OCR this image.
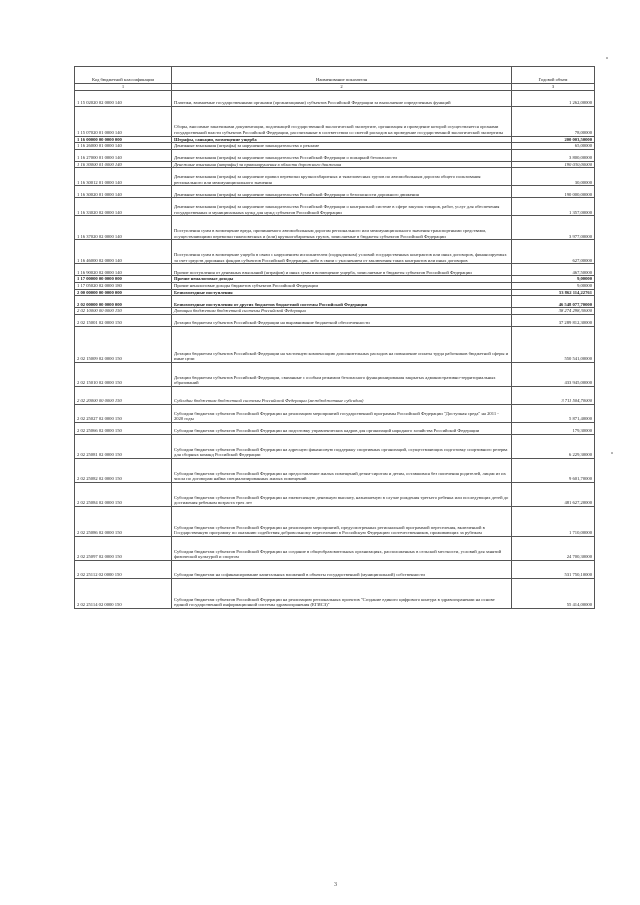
Код бюджетной классификации	Наименование показателя	Годовой объем
1	2	3
1 15 02020 02 0000 140	Платежи, взимаемые государственными органами (организациями) субъектов Российской Федерации за выполнение определенных функций	1 262,00000
1 15 07020 01 0000 140	Сборы, вносимые заказчиками документации, подлежащей государственной экологической экспертизе, организация и проведение которой осуществляется органами государственной власти субъектов Российской Федерации, рассчитанные в соответствии со сметой расходов на проведение государственной экологической экспертизы	78,00000
1 16 00000 00 0000 000	Штрафы, санкции, возмещение ущерба	200 003,50000
1 16 26000 01 0000 140	Денежные взыскания (штрафы) за нарушение законодательства о рекламе	65,00000
1 16 27000 01 0000 140	Денежные взыскания (штрафы) за нарушение законодательства Российской Федерации о пожарной безопасности	3 800,00000
1 16 30000 01 0000 140	Денежные взыскания (штрафы) за правонарушения в области дорожного движения	190 030,00000
1 16 30012 01 0000 140	Денежные взыскания (штрафы) за нарушение правил перевозки крупногабаритных и тяжеловесных грузов по автомобильным дорогам общего пользования регионального или межмуниципального значения	30,00000
1 16 30020 01 0000 140	Денежные взыскания (штрафы) за нарушение законодательства Российской Федерации о безопасности дорожного движения	190 000,00000
1 16 33020 02 0000 140	Денежные взыскания (штрафы) за нарушение законодательства Российской Федерации о контрактной системе в сфере закупок товаров, работ, услуг для обеспечения государственных и муниципальных нужд для нужд субъектов Российской Федерации	1 357,00000
1 16 37020 02 0000 140	Поступления сумм в возмещение вреда, причиняемого автомобильным дорогам регионального или межмуниципального значения транспортными средствами, осуществляющими перевозки тяжеловесных и (или) крупногабаритных грузов, зачисляемые в бюджеты субъектов Российской Федерации	3 977,00000
1 16 46000 02 0000 140	Поступления сумм в возмещение ущерба в связи с нарушением исполнителем (подрядчиком) условий государственных контрактов или иных договоров, финансируемых за счет средств дорожных фондов субъектов Российской Федерации, либо в связи с уклонением от заключения таких контрактов или иных договоров	627,00000
1 16 90020 02 0000 140	Прочие поступления от денежных взысканий (штрафов) и иных сумм в возмещение ущерба, зачисляемые в бюджеты субъектов Российской Федерации	467,50000
1 17 00000 00 0000 000	Прочие неналоговые доходы	9,00000
1 17 05020 02 0000 180	Прочие неналоговые доходы бюджетов субъектов Российской Федерации	9,00000
2 00 00000 00 0000 000	Безвозмездные поступления	53 862 114,22761
2 02 00000 00 0000 000	Безвозмездные поступления от других бюджетов бюджетной системы Российской Федерации	46 548 077,70000
2 02 10000 00 0000 150	Дотации бюджетам бюджетной системы Российской Федерации	38 274 298,30000
2 02 15001 02 0000 150	Дотации бюджетам субъектов Российской Федерации на выравнивание бюджетной обеспеченности	37 289 812,30000
2 02 15009 02 0000 150	Дотации бюджетам субъектов Российской Федерации на частичную компенсацию дополнительных расходов на повышение оплаты труда работников бюджетной сферы и иные цели	550 541,00000
2 02 15010 02 0000 150	Дотации бюджетам субъектов Российской Федерации, связанные с особым режимом безопасного функционирования закрытых административно-территориальных образований	433 945,00000
2 02 20000 00 0000 150	Субсидии бюджетам бюджетной системы Российской Федерации (межбюджетные субсидии)	3 711 504,70000
2 02 25027 02 0000 150	Субсидии бюджетам субъектов Российской Федерации на реализацию мероприятий государственной программы Российской Федерации "Доступная среда" на 2011 - 2020 годы	5 871,40000
2 02 25066 02 0000 150	Субсидии бюджетам субъектов Российской Федерации на подготовку управленческих кадров для организаций народного хозяйства Российской Федерации	179,30000
2 02 25081 02 0000 150	Субсидии бюджетам субъектов Российской Федерации на адресную финансовую поддержку спортивных организаций, осуществляющих подготовку спортивного резерва для сборных команд Российской Федерации	6 229,30000
2 02 25082 02 0000 150	Субсидии бюджетам субъектов Российской Федерации на предоставление жилых помещений детям-сиротам и детям, оставшимся без попечения родителей, лицам из их числа по договорам найма специализированных жилых помещений	9 601,70000
2 02 25084 02 0000 150	Субсидии бюджетам субъектов Российской Федерации на ежемесячную денежную выплату, назначаемую в случае рождения третьего ребенка или последующих детей до достижения ребенком возраста трех лет	481 627,20000
2 02 25086 02 0000 150	Субсидии бюджетам субъектов Российской Федерации на реализацию мероприятий, предусмотренных региональной программой переселения, включенной в Государственную программу по оказанию содействия добровольному переселению в Российскую Федерацию соотечественников, проживающих за рубежом	1 710,00000
2 02 25097 02 0000 150	Субсидии бюджетам субъектов Российской Федерации на создание в общеобразовательных организациях, расположенных в сельской местности, условий для занятий физической культурой и спортом	24 700,30000
2 02 25112 02 0000 150	Субсидии бюджетам на софинансирование капитальных вложений в объекты государственной (муниципальной) собственности	531 750,10000
2 02 25114 02 0000 150	Субсидии бюджетам субъектов Российской Федерации на реализацию региональных проектов "Создание единого цифрового контура в здравоохранении на основе единой государственной информационной системы здравоохранения (ЕГИСЗ)"	55 414,00000
3
